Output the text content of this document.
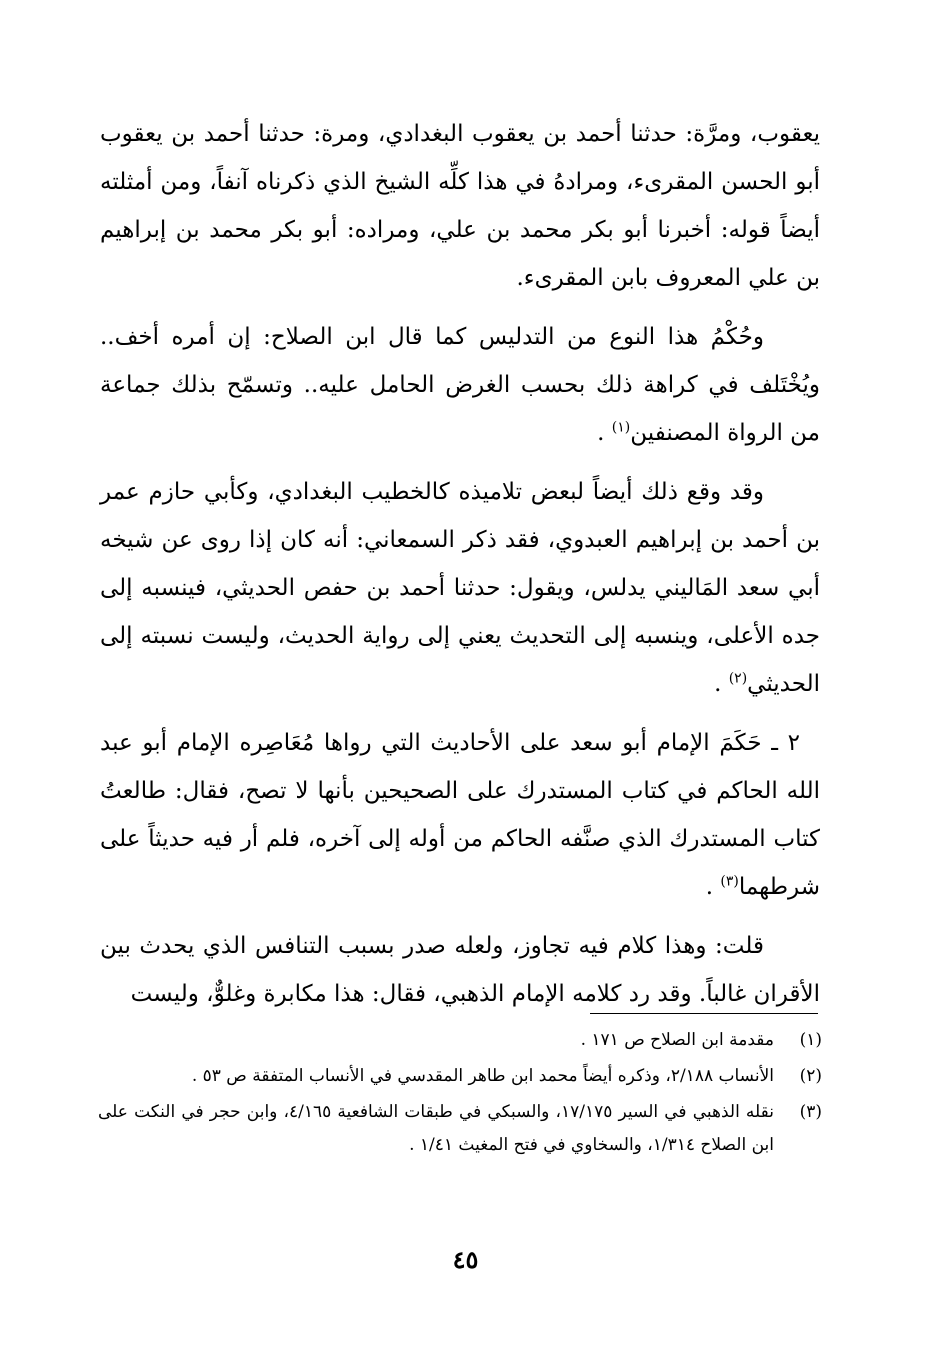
يعقوب، ومرَّة: حدثنا أحمد بن يعقوب البغدادي، ومرة: حدثنا أحمد بن يعقوب أبو الحسن المقرىء، ومرادهُ في هذا كلِّه الشيخ الذي ذكرناه آنفاً، ومن أمثلته أيضاً قوله: أخبرنا أبو بكر محمد بن علي، ومراده: أبو بكر محمد بن إبراهيم بن علي المعروف بابن المقرىء.

وحُكْمُ هذا النوع من التدليس كما قال ابن الصلاح: إن أمره أخف.. ويُخْتَلف في كراهة ذلك بحسب الغرض الحامل عليه.. وتسمّح بذلك جماعة من الرواة المصنفين$^{(١)}$ .

وقد وقع ذلك أيضاً لبعض تلاميذه كالخطيب البغدادي، وكأبي حازم عمر بن أحمد بن إبراهيم العبدوي، فقد ذكر السمعاني: أنه كان إذا روى عن شيخه أبي سعد المَاليني يدلس، ويقول: حدثنا أحمد بن حفص الحديثي، فينسبه إلى جده الأعلى، وينسبه إلى التحديث يعني إلى رواية الحديث، وليست نسبته إلى الحديثي$^{(٢)}$ .

٢ ـ حَكَمَ الإمام أبو سعد على الأحاديث التي رواها مُعَاصِره الإمام أبو عبد الله الحاكم في كتاب المستدرك على الصحيحين بأنها لا تصح، فقال: طالعتُ كتاب المستدرك الذي صنَّفه الحاكم من أوله إلى آخره، فلم أر فيه حديثاً على شرطهما$^{(٣)}$ .

قلت: وهذا كلام فيه تجاوز، ولعله صدر بسبب التنافس الذي يحدث بين الأقران غالباً. وقد رد كلامه الإمام الذهبي، فقال: هذا مكابرة وغلوٌّ، وليست

(١)
مقدمة ابن الصلاح ص ١٧١ .
(٢)
الأنساب ٢/١٨٨، وذكره أيضاً محمد ابن طاهر المقدسي في الأنساب المتفقة ص ٥٣ .
(٣)
نقله الذهبي في السير ١٧/١٧٥، والسبكي في طبقات الشافعية ٤/١٦٥، وابن حجر في النكت على ابن الصلاح ١/٣١٤، والسخاوي في فتح المغيث ١/٤١ .
٤٥
